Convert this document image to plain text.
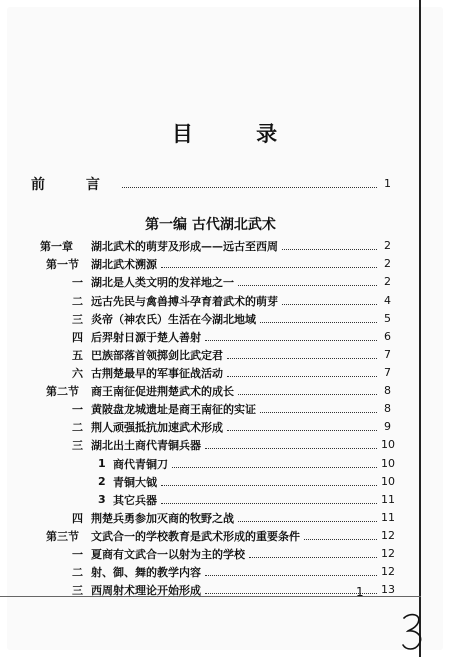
目 录
前 言	1
第一编 古代湖北武术
第一章	湖北武术的萌芽及形成——远古至西周	2
第一节	湖北武术溯源	2
一 湖北是人类文明的发祥地之一	2
二 远古先民与禽兽搏斗孕育着武术的萌芽	4
三 炎帝（神农氏）生活在今湖北地域	5
四 后羿射日源于楚人善射	6
五 巴族部落首领掷剑比武定君	7
六 古荆楚最早的军事征战活动	7
第二节	商王南征促进荆楚武术的成长	8
一 黄陂盘龙城遗址是商王南征的实证	8
二 荆人顽强抵抗加速武术形成	9
三 湖北出土商代青铜兵器	10
1 商代青铜刀	10
2 青铜大钺	10
3 其它兵器	11
四 荆楚兵勇参加灭商的牧野之战	11
第三节	文武合一的学校教育是武术形成的重要条件	12
一 夏商有文武合一以射为主的学校	12
二 射、御、舞的教学内容	12
三 西周射术理论开始形成	13
1
